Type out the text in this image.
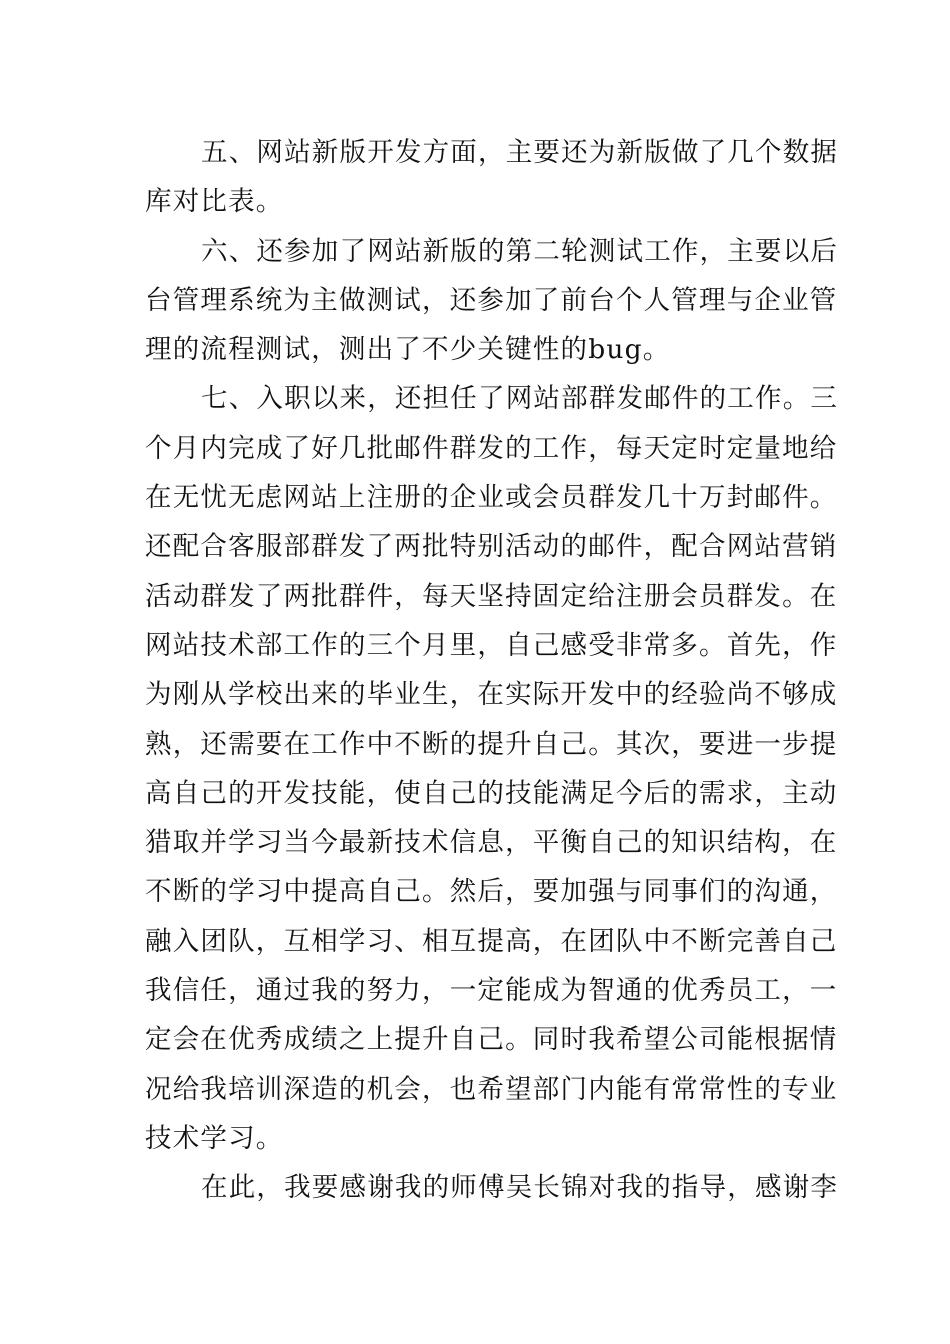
五、网站新版开发方面，主要还为新版做了几个数据
库对比表。
六、还参加了网站新版的第二轮测试工作，主要以后
台管理系统为主做测试，还参加了前台个人管理与企业管
理的流程测试，测出了不少关键性的bug。
七、入职以来，还担任了网站部群发邮件的工作。三
个月内完成了好几批邮件群发的工作，每天定时定量地给
在无忧无虑网站上注册的企业或会员群发几十万封邮件。
还配合客服部群发了两批特别活动的邮件，配合网站营销
活动群发了两批群件，每天坚持固定给注册会员群发。在
网站技术部工作的三个月里，自己感受非常多。首先，作
为刚从学校出来的毕业生，在实际开发中的经验尚不够成
熟，还需要在工作中不断的提升自己。其次，要进一步提
高自己的开发技能，使自己的技能满足今后的需求，主动
猎取并学习当今最新技术信息，平衡自己的知识结构，在
不断的学习中提高自己。然后，要加强与同事们的沟通，
融入团队，互相学习、相互提高，在团队中不断完善自己
我信任，通过我的努力，一定能成为智通的优秀员工，一
定会在优秀成绩之上提升自己。同时我希望公司能根据情
况给我培训深造的机会，也希望部门内能有常常性的专业
技术学习。
在此，我要感谢我的师傅吴长锦对我的指导，感谢李
